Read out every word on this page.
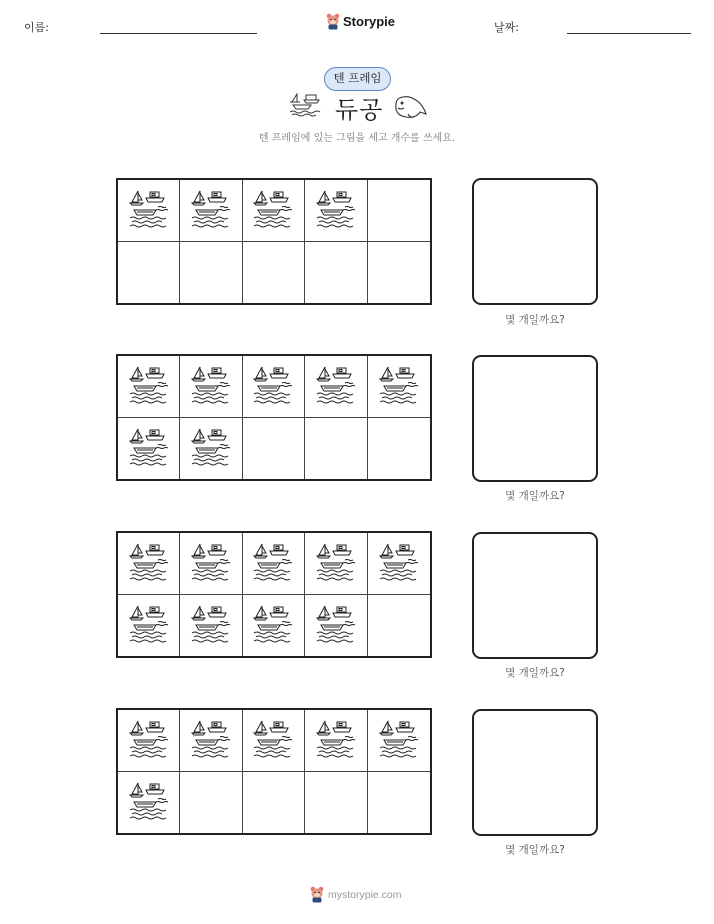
이름:	Storypie	날짜:
텐 프레임
듀공
텐 프레임에 있는 그림을 세고 개수를 쓰세요.
몇 개일까요?
몇 개일까요?
몇 개일까요?
몇 개일까요?
mystorypie.com
